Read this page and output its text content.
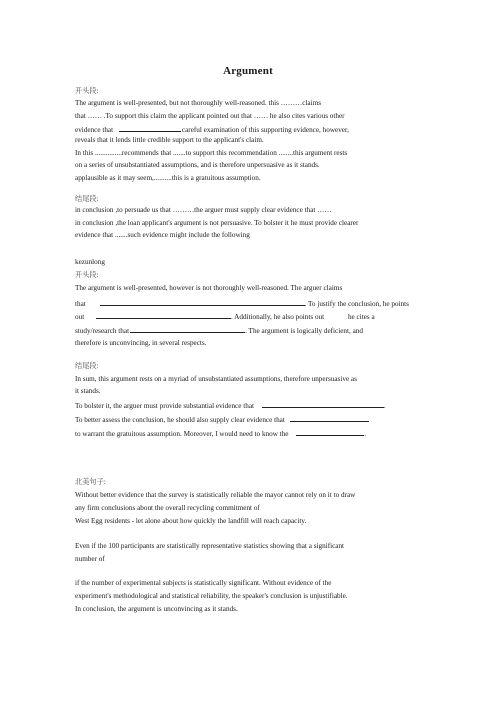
Argument
开头段:
The argument is well-presented, but not thoroughly well-reasoned. this ………claims
that …… .To support this claim the applicant pointed out that …… he also cites various other
evidence that	careful examination of this supporting evidence, however,
reveals that it lends little credible support to the applicant's claim.
In this ...............recommends that .......to support this recommendation ........this argument rests
on a series of unsubstantiated assumptions, and is therefore unpersuasive as it stands.
applausible as it may seem,..........this is a gratuitous assumption.
结尾段:
in conclusion ,to persuade us that ………the arguer must supply clear evidence that ……
in conclusion ,the loan applicant's argument is not persuasive. To bolster it he must provide clearer
evidence that .......such evidence might include the following
kezunlong
开头段:
The argument is well-presented, however is not thoroughly well-reasoned. The arguer claims
that	. To justify the conclusion, he points
out	. Additionally, he also points out	he cites a
study/research that	. The argument is logically deficient, and
therefore is unconvincing, in several respects.
结尾段:
In sum, this argument rests on a myriad of unsubstantiated assumptions, therefore unpersuasive as
it stands.
To bolster it, the arguer must provide substantial evidence that	.
To better assess the conclusion, he should also supply clear evidence that
to warrant the gratuitous assumption. Moreover, I would need to know the	.
北美句子:
Without better evidence that the survey is statistically reliable the mayor cannot rely on it to draw
any firm conclusions about the overall recycling commitment of
West Egg residents - let alone about how quickly the landfill will reach capacity.
Even if the 100 participants are statistically representative statistics showing that a significant
number of
if the number of experimental subjects is statistically significant. Without evidence of the
experiment's methodological and statistical reliability, the speaker's conclusion is unjustifiable.
In conclusion, the argument is unconvincing as it stands.
